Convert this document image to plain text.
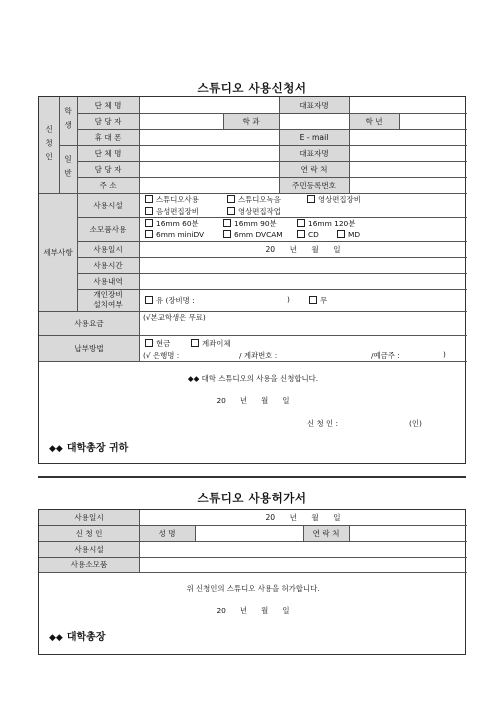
스튜디오 사용신청서
신청인
학생
일반
단 체 명	대표자명
담 당 자	학 과	학 년
휴 대 폰	E - mail
단 체 명	대표자명
담 당 자	연 락 처
주 소	주민등록번호
세부사항
사용시설
스튜디오사용	스튜디오녹음	영상편집장비
음성편집장비	영상편집작업
소모품사용
16mm 60분	16mm 90분	16mm 120분
6mm miniDV	6mm DVCAM	CD	MD
사용일시	20      년      월      일
사용시간
사용내역
개인장비
설치여부	유 (장비명 :	)	무
사용요금
(√본교학생은 무료)
납부방법	현금	계좌이체
(√ 은행명 :	/ 계좌번호 :	/예금주 :	)
◆◆ 대학 스튜디오의 사용을 신청합니다.
20      년      월      일
신 청 인 :	(인)
◆◆ 대학총장 귀하
스튜디오 사용허가서
사용일시	20      년      월      일
신 청 인	성 명	연 락 처
사용시설
사용소모품
위 신청인의 스튜디오 사용을 허가합니다.
20      년      월      일
◆◆ 대학총장
